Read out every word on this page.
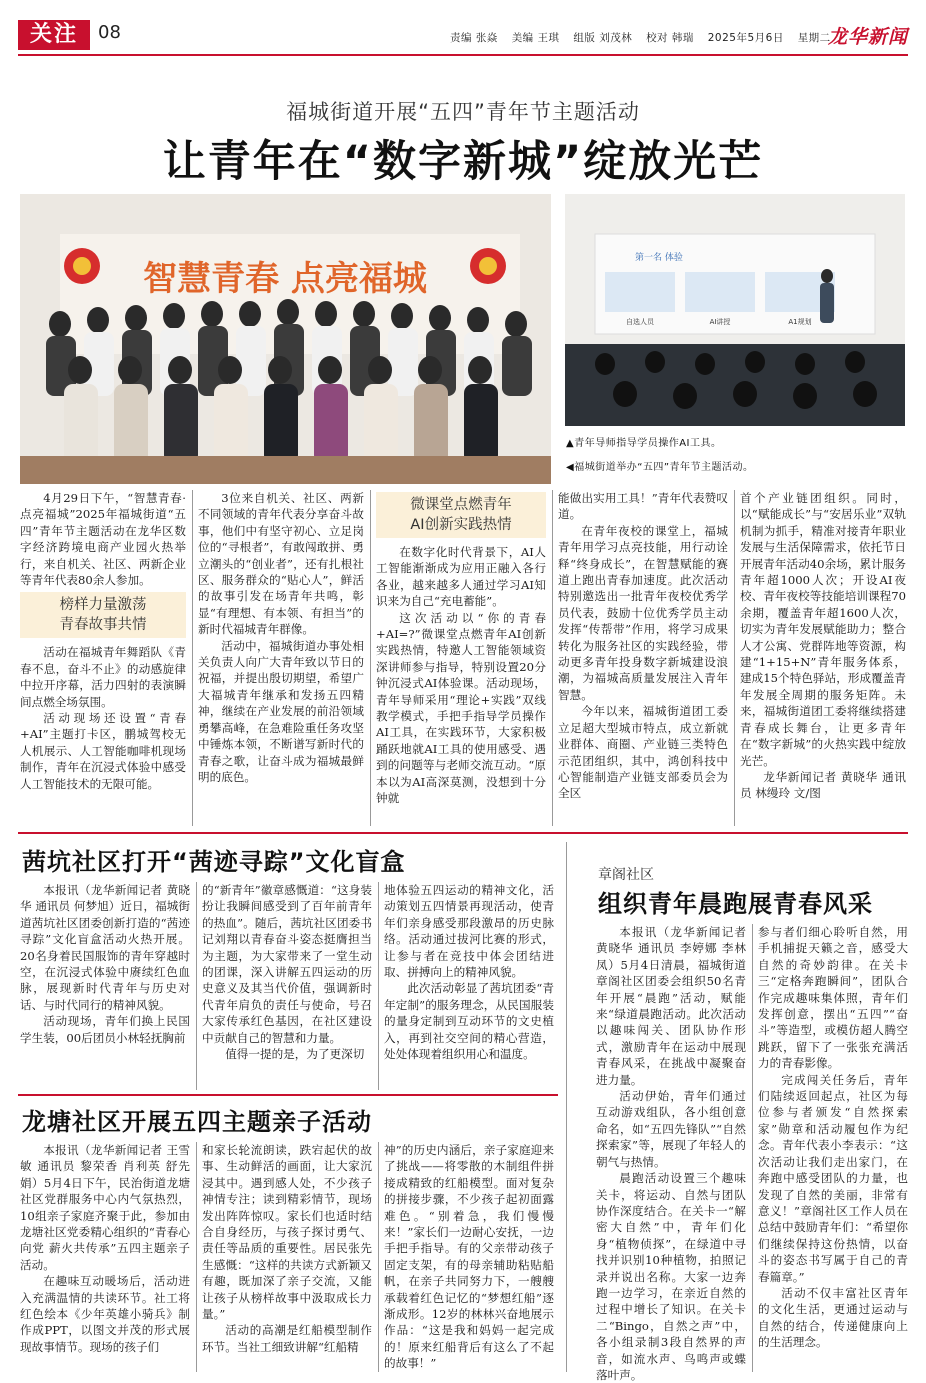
关注	08	责编 张焱 美编 王琪 组版 刘茂林 校对 韩瑞 2025年5月6日 星期二
龙华新闻
福城街道开展“五四”青年节主题活动
让青年在“数字新城”绽放光芒
智慧青春 点亮福城
第一名 体验
自选人员	AI讲授	A1规划
▲青年导师指导学员操作AI工具。
◀福城街道举办“五四”青年节主题活动。

4月29日下午，“智慧青春·点亮福城”2025年福城街道“五四”青年节主题活动在龙华区数字经济跨境电商产业园火热举行，来自机关、社区、两新企业等青年代表80余人参加。

榜样力量激荡
青春故事共情

活动在福城青年舞蹈队《青春不息，奋斗不止》的动感旋律中拉开序幕，活力四射的表演瞬间点燃全场氛围。

活动现场还设置“青春+AI”主题打卡区，鹏城驾校无人机展示、人工智能咖啡机现场制作，青年在沉浸式体验中感受人工智能技术的无限可能。

3位来自机关、社区、两新不同领域的青年代表分享奋斗故事，他们中有坚守初心、立足岗位的“寻根者”，有敢闯敢拼、勇立潮头的“创业者”，还有扎根社区、服务群众的“贴心人”，鲜活的故事引发在场青年共鸣，彰显“有理想、有本领、有担当”的新时代福城青年群像。

活动中，福城街道办事处相关负责人向广大青年致以节日的祝福，并提出殷切期望，希望广大福城青年继承和发扬五四精神，继续在产业发展的前沿领域勇攀高峰，在急难险重任务攻坚中锤炼本领，不断谱写新时代的青春之歌，让奋斗成为福城最鲜明的底色。

微课堂点燃青年
AI创新实践热情

在数字化时代背景下，AI人工智能渐渐成为应用正融入各行各业，越来越多人通过学习AI知识来为自己“充电蓄能”。

这次活动以“你的青春+AI=?”微课堂点燃青年AI创新实践热情，特邀人工智能领域资深讲师参与指导，特别设置20分钟沉浸式AI体验课。活动现场，青年导师采用“理论+实践”双线教学模式，手把手指导学员操作AI工具，在实践环节，大家积极踊跃地就AI工具的使用感受、遇到的问题等与老师交流互动。“原本以为AI高深莫测，没想到十分钟就

能做出实用工具！”青年代表赞叹道。

在青年夜校的课堂上，福城青年用学习点亮技能，用行动诠释“终身成长”，在智慧赋能的赛道上跑出青春加速度。此次活动特别邀选出一批青年夜校优秀学员代表，鼓励十位优秀学员主动发挥“传帮带”作用，将学习成果转化为服务社区的实践经验，带动更多青年投身数字新城建设浪潮，为福城高质量发展注入青年智慧。

今年以来，福城街道团工委立足超大型城市特点，成立新就业群体、商圈、产业链三类特色示范团组织，其中，鸿创科技中心智能制造产业链支部委员会为全区

首个产业链团组织。同时，以“赋能成长”与“安居乐业”双轨机制为抓手，精准对接青年职业发展与生活保障需求，依托节日开展青年活动40余场，累计服务青年超1000人次；开设AI夜校、青年夜校等技能培训课程70余期，覆盖青年超1600人次，切实为青年发展赋能助力；整合人才公寓、党群阵地等资源，构建“1+15+N”青年服务体系，建成15个特色驿站，形成覆盖青年发展全周期的服务矩阵。未来，福城街道团工委将继续搭建青春成长舞台，让更多青年在“数字新城”的火热实践中绽放光芒。

龙华新闻记者 黄晓华 通讯员 林缦玲 文/图

茜坑社区打开“茜迹寻踪”文化盲盒

本报讯（龙华新闻记者 黄晓华 通讯员 何梦旭）近日，福城街道茜坑社区团委创新打造的“茜迹寻踪”文化盲盒活动火热开展。20名身着民国服饰的青年穿越时空，在沉浸式体验中赓续红色血脉，展现新时代青年与历史对话、与时代同行的精神风貌。

活动现场，青年们换上民国学生装，00后团员小林轻抚胸前

的“新青年”徽章感慨道：“这身装扮让我瞬间感受到了百年前青年的热血”。随后，茜坑社区团委书记刘翔以青春奋斗姿态挺膺担当为主题，为大家带来了一堂生动的团课，深入讲解五四运动的历史意义及其当代价值，强调新时代青年肩负的责任与使命，号召大家传承红色基因，在社区建设中贡献自己的智慧和力量。

值得一提的是，为了更深切

地体验五四运动的精神文化，活动策划五四情景再现活动，使青年们亲身感受那段激昂的历史脉络。活动通过拔河比赛的形式，让参与者在竞技中体会团结进取、拼搏向上的精神风貌。

此次活动彰显了茜坑团委“青年定制”的服务理念，从民国服装的量身定制到互动环节的文史植入，再到社交空间的精心营造，处处体现着组织用心和温度。

龙塘社区开展五四主题亲子活动

本报讯（龙华新闻记者 王雪敏 通讯员 黎荣香 肖利英 舒先娟）5月4日下午，民治街道龙塘社区党群服务中心内气氛热烈，10组亲子家庭齐聚于此，参加由龙塘社区党委精心组织的“青春心向党 薪火共传承”五四主题亲子活动。

在趣味互动暖场后，活动进入充满温情的共读环节。社工将红色绘本《少年英雄小骑兵》制作成PPT，以图文并茂的形式展现故事情节。现场的孩子们

和家长轮流朗读，跌宕起伏的故事、生动鲜活的画面，让大家沉浸其中。遇到感人处，不少孩子神情专注；读到精彩情节，现场发出阵阵惊叹。家长们也适时结合自身经历，与孩子探讨勇气、责任等品质的重要性。居民张先生感慨：“这样的共读方式新颖又有趣，既加深了亲子交流，又能让孩子从榜样故事中汲取成长力量。”

活动的高潮是红船模型制作环节。当社工细致讲解“红船精

神”的历史内涵后，亲子家庭迎来了挑战——将零散的木制组件拼接成精致的红船模型。面对复杂的拼接步骤，不少孩子起初面露难色。“别着急，我们慢慢来！”家长们一边耐心安抚，一边手把手指导。有的父亲带动孩子固定支架，有的母亲辅助粘贴船帆，在亲子共同努力下，一艘艘承载着红色记忆的“梦想红船”逐渐成形。12岁的林林兴奋地展示作品：“这是我和妈妈一起完成的！原来红船背后有这么了不起的故事！”

章阁社区
组织青年晨跑展青春风采

本报讯（龙华新闻记者 黄晓华 通讯员 李婷娜 李林凤）5月4日清晨，福城街道章阁社区团委会组织50名青年开展“晨跑”活动，赋能来“绿道晨跑活动。此次活动以趣味闯关、团队协作形式，激励青年在运动中展现青春风采，在挑战中凝聚奋进力量。

活动伊始，青年们通过互动游戏组队，各小组创意命名，如“五四先锋队”“自然探索家”等，展现了年轻人的朝气与热情。

晨跑活动设置三个趣味关卡，将运动、自然与团队协作深度结合。在关卡一“解密大自然”中，青年们化身“植物侦探”，在绿道中寻找并识别10种植物，拍照记录并说出名称。大家一边奔跑一边学习，在亲近自然的过程中增长了知识。在关卡二“Bingo，自然之声”中，各小组录制3段自然界的声音，如流水声、鸟鸣声或蝶落叶声。

参与者们细心聆听自然，用手机捕捉天籁之音，感受大自然的奇妙韵律。在关卡三“定格奔跑瞬间”，团队合作完成趣味集体照，青年们发挥创意，摆出“五四”“奋斗”等造型，或模仿超人腾空跳跃，留下了一张张充满活力的青春影像。

完成闯关任务后，青年们陆续返回起点，社区为每位参与者颁发“自然探索家”勋章和活动履包作为纪念。青年代表小李表示：“这次活动让我们走出家门，在奔跑中感受团队的力量，也发现了自然的美丽，非常有意义！”章阁社区工作人员在总结中鼓励青年们：“希望你们继续保持这份热情，以奋斗的姿态书写属于自己的青春篇章。”

活动不仅丰富社区青年的文化生活，更通过运动与自然的结合，传递健康向上的生活理念。
